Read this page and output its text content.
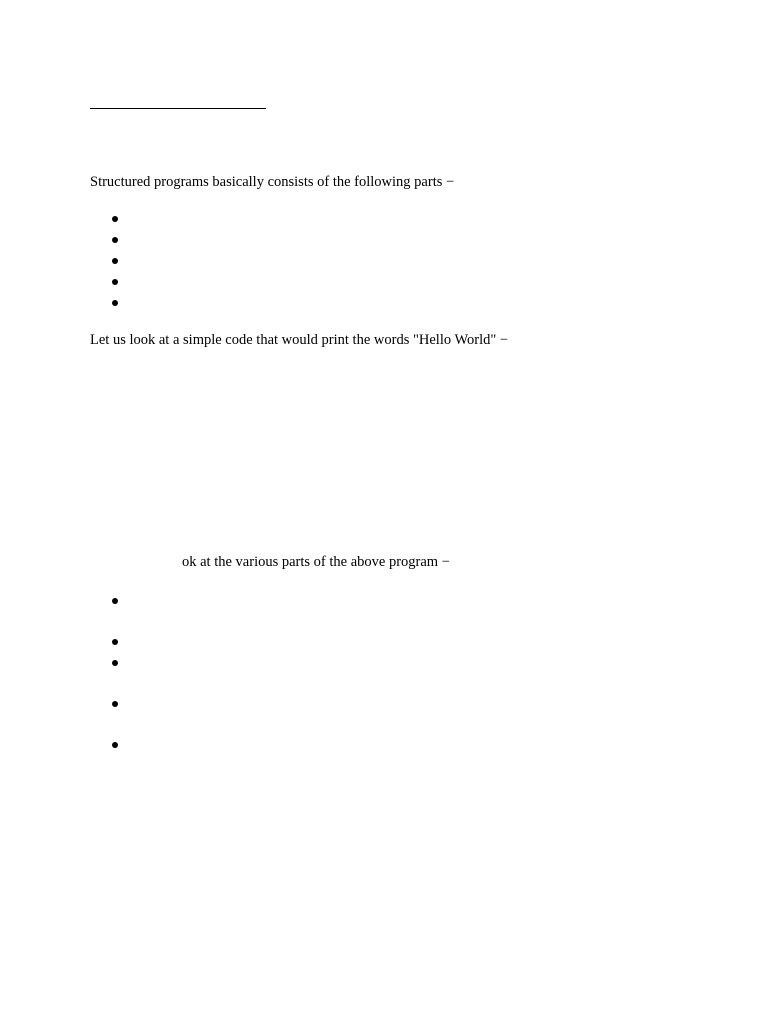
Structured programs basically consists of the following parts −
Let us look at a simple code that would print the words "Hello World" −
ok at the various parts of the above program −
